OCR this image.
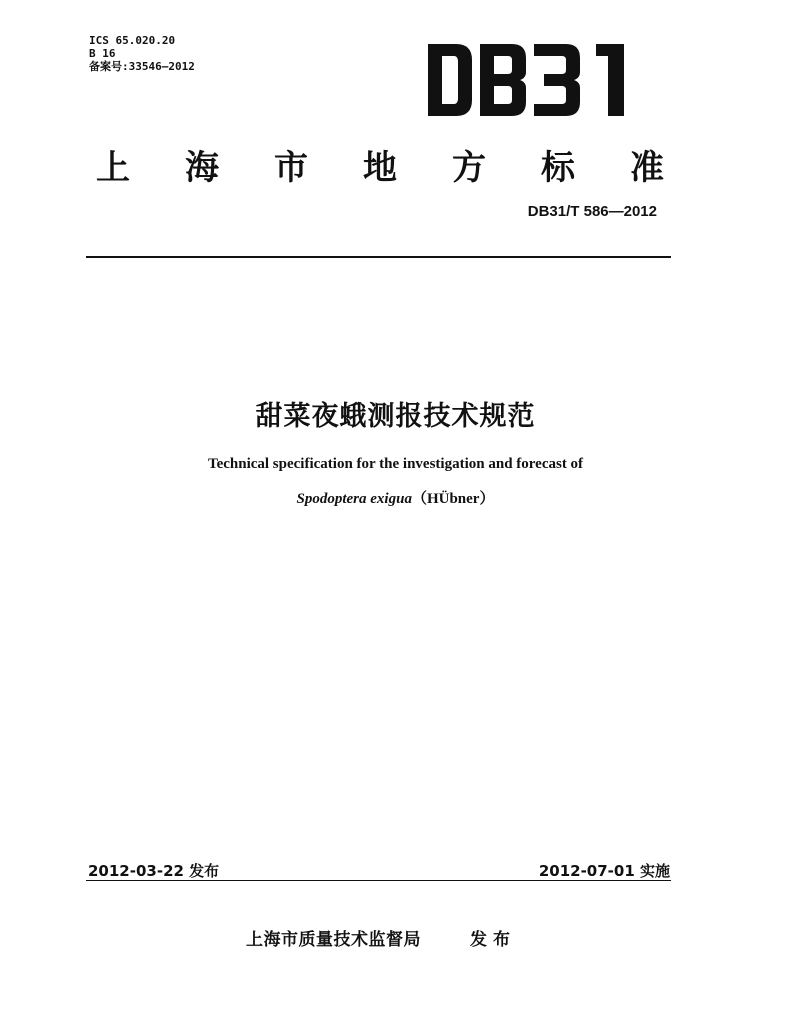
ICS 65.020.20
B 16
备案号:33546—2012
DB31
上 海 市 地 方 标 准
DB31/T 586—2012
甜菜夜蛾测报技术规范
Technical specification for the investigation and forecast of
Spodoptera exigua（HÜbner）
2012-03-22 发布	2012-07-01 实施
上海市质量技术监督局	发布
